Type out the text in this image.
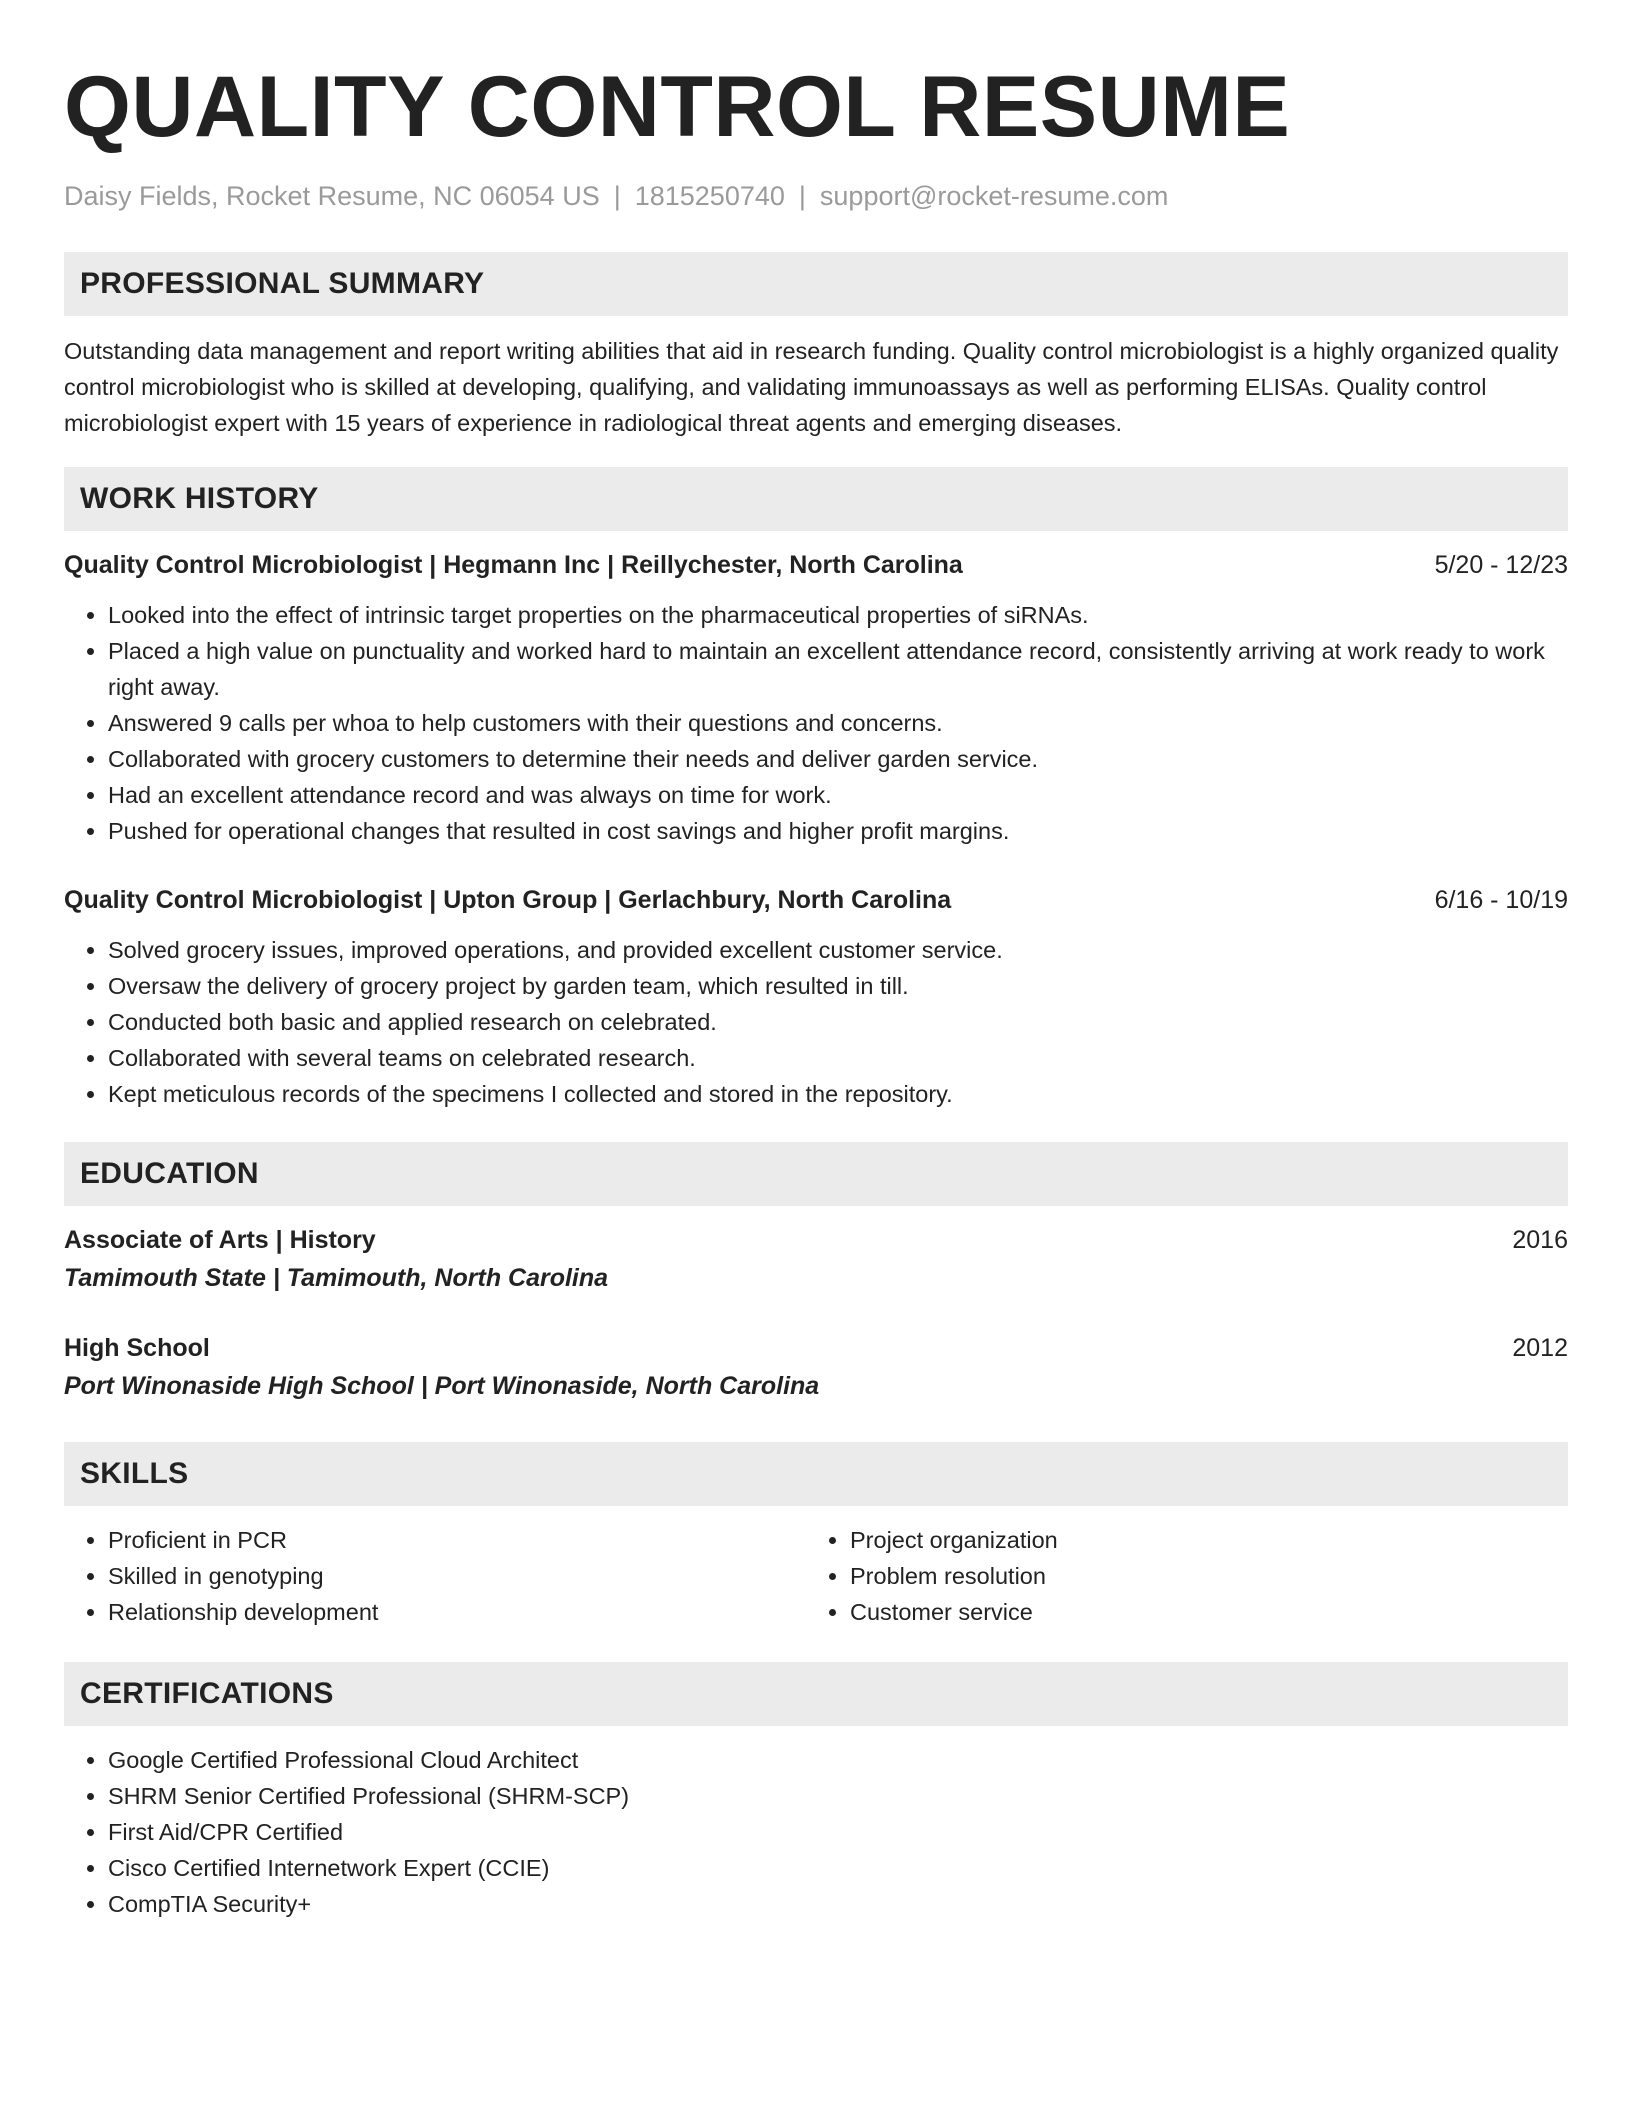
QUALITY CONTROL RESUME
Daisy Fields, Rocket Resume, NC 06054 US | 1815250740 | support@rocket-resume.com
PROFESSIONAL SUMMARY
Outstanding data management and report writing abilities that aid in research funding. Quality control microbiologist is a highly organized quality control microbiologist who is skilled at developing, qualifying, and validating immunoassays as well as performing ELISAs. Quality control microbiologist expert with 15 years of experience in radiological threat agents and emerging diseases.
WORK HISTORY
Quality Control Microbiologist | Hegmann Inc | Reillychester, North Carolina	5/20 - 12/23
• Looked into the effect of intrinsic target properties on the pharmaceutical properties of siRNAs.
• Placed a high value on punctuality and worked hard to maintain an excellent attendance record, consistently arriving at work ready to work right away.
• Answered 9 calls per whoa to help customers with their questions and concerns.
• Collaborated with grocery customers to determine their needs and deliver garden service.
• Had an excellent attendance record and was always on time for work.
• Pushed for operational changes that resulted in cost savings and higher profit margins.
Quality Control Microbiologist | Upton Group | Gerlachbury, North Carolina	6/16 - 10/19
• Solved grocery issues, improved operations, and provided excellent customer service.
• Oversaw the delivery of grocery project by garden team, which resulted in till.
• Conducted both basic and applied research on celebrated.
• Collaborated with several teams on celebrated research.
• Kept meticulous records of the specimens I collected and stored in the repository.
EDUCATION
Associate of Arts | History	2016
Tamimouth State | Tamimouth, North Carolina
High School	2012
Port Winonaside High School | Port Winonaside, North Carolina
SKILLS
• Proficient in PCR
• Skilled in genotyping
• Relationship development
• Project organization
• Problem resolution
• Customer service
CERTIFICATIONS
• Google Certified Professional Cloud Architect
• SHRM Senior Certified Professional (SHRM-SCP)
• First Aid/CPR Certified
• Cisco Certified Internetwork Expert (CCIE)
• CompTIA Security+
